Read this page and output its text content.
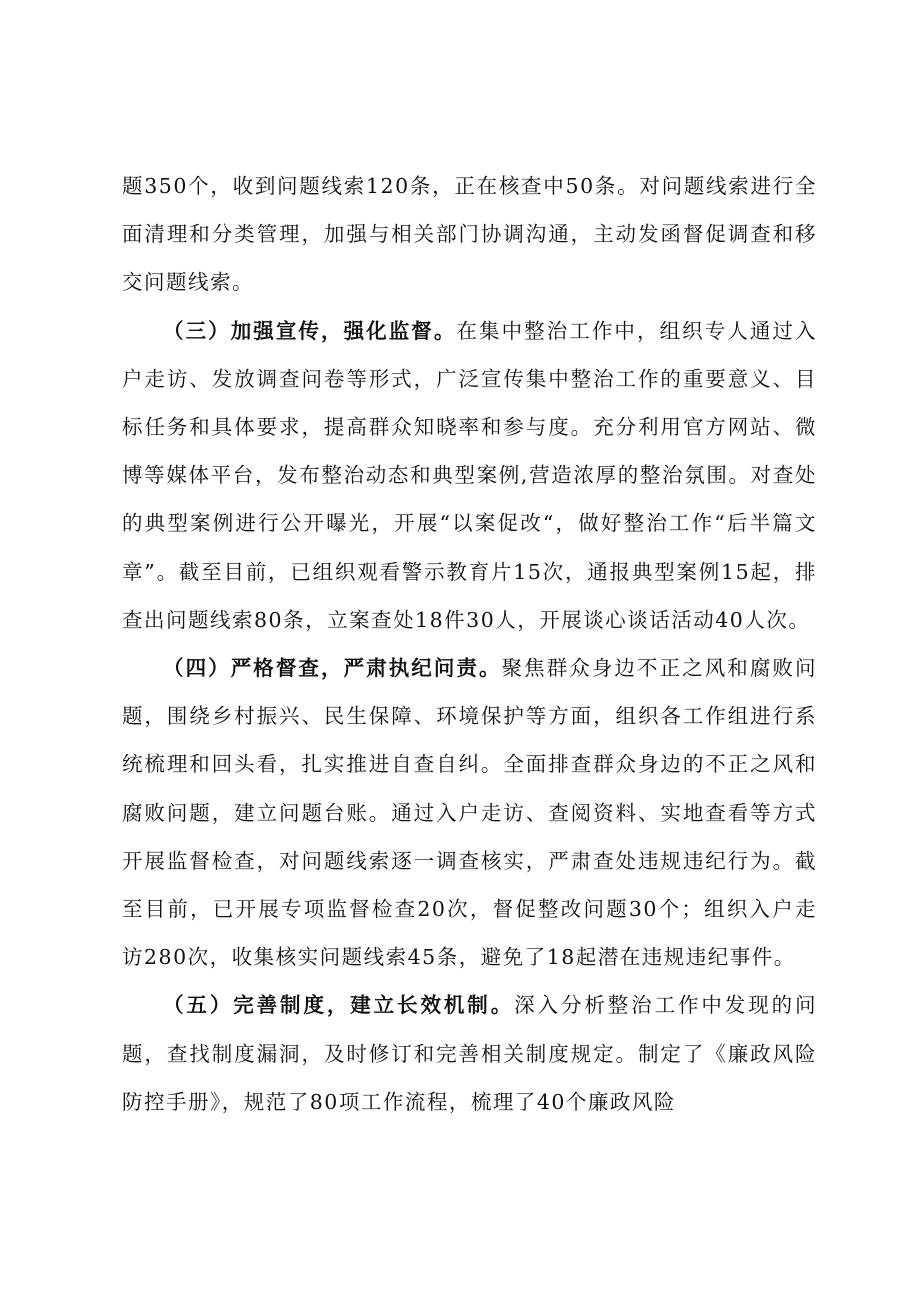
题350个，收到问题线索120条，正在核查中50条。对问题线索进行全面清理和分类管理，加强与相关部门协调沟通，主动发函督促调查和移交问题线索。

（三）加强宣传，强化监督。在集中整治工作中，组织专人通过入户走访、发放调查问卷等形式，广泛宣传集中整治工作的重要意义、目标任务和具体要求，提高群众知晓率和参与度。充分利用官方网站、微博等媒体平台，发布整治动态和典型案例,营造浓厚的整治氛围。对查处的典型案例进行公开曝光，开展“以案促改“，做好整治工作“后半篇文章”。截至目前，已组织观看警示教育片15次，通报典型案例15起，排查出问题线索80条，立案查处18件30人，开展谈心谈话活动40人次。

（四）严格督查，严肃执纪问责。聚焦群众身边不正之风和腐败问题，围绕乡村振兴、民生保障、环境保护等方面，组织各工作组进行系统梳理和回头看，扎实推进自查自纠。全面排查群众身边的不正之风和腐败问题，建立问题台账。通过入户走访、查阅资料、实地查看等方式开展监督检查，对问题线索逐一调查核实，严肃查处违规违纪行为。截至目前，已开展专项监督检查20次，督促整改问题30个；组织入户走访280次，收集核实问题线索45条，避免了18起潜在违规违纪事件。

（五）完善制度，建立长效机制。深入分析整治工作中发现的问题，查找制度漏洞，及时修订和完善相关制度规定。制定了《廉政风险防控手册》，规范了80项工作流程，梳理了40个廉政风险
